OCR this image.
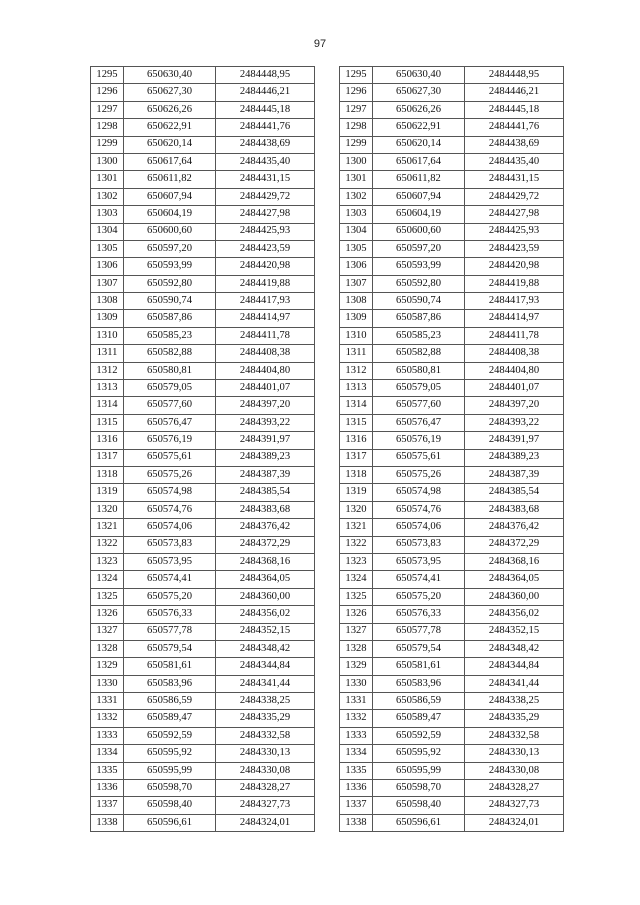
97
1295	650630,40	2484448,95
1296	650627,30	2484446,21
1297	650626,26	2484445,18
1298	650622,91	2484441,76
1299	650620,14	2484438,69
1300	650617,64	2484435,40
1301	650611,82	2484431,15
1302	650607,94	2484429,72
1303	650604,19	2484427,98
1304	650600,60	2484425,93
1305	650597,20	2484423,59
1306	650593,99	2484420,98
1307	650592,80	2484419,88
1308	650590,74	2484417,93
1309	650587,86	2484414,97
1310	650585,23	2484411,78
1311	650582,88	2484408,38
1312	650580,81	2484404,80
1313	650579,05	2484401,07
1314	650577,60	2484397,20
1315	650576,47	2484393,22
1316	650576,19	2484391,97
1317	650575,61	2484389,23
1318	650575,26	2484387,39
1319	650574,98	2484385,54
1320	650574,76	2484383,68
1321	650574,06	2484376,42
1322	650573,83	2484372,29
1323	650573,95	2484368,16
1324	650574,41	2484364,05
1325	650575,20	2484360,00
1326	650576,33	2484356,02
1327	650577,78	2484352,15
1328	650579,54	2484348,42
1329	650581,61	2484344,84
1330	650583,96	2484341,44
1331	650586,59	2484338,25
1332	650589,47	2484335,29
1333	650592,59	2484332,58
1334	650595,92	2484330,13
1335	650595,99	2484330,08
1336	650598,70	2484328,27
1337	650598,40	2484327,73
1338	650596,61	2484324,01
1295	650630,40	2484448,95
1296	650627,30	2484446,21
1297	650626,26	2484445,18
1298	650622,91	2484441,76
1299	650620,14	2484438,69
1300	650617,64	2484435,40
1301	650611,82	2484431,15
1302	650607,94	2484429,72
1303	650604,19	2484427,98
1304	650600,60	2484425,93
1305	650597,20	2484423,59
1306	650593,99	2484420,98
1307	650592,80	2484419,88
1308	650590,74	2484417,93
1309	650587,86	2484414,97
1310	650585,23	2484411,78
1311	650582,88	2484408,38
1312	650580,81	2484404,80
1313	650579,05	2484401,07
1314	650577,60	2484397,20
1315	650576,47	2484393,22
1316	650576,19	2484391,97
1317	650575,61	2484389,23
1318	650575,26	2484387,39
1319	650574,98	2484385,54
1320	650574,76	2484383,68
1321	650574,06	2484376,42
1322	650573,83	2484372,29
1323	650573,95	2484368,16
1324	650574,41	2484364,05
1325	650575,20	2484360,00
1326	650576,33	2484356,02
1327	650577,78	2484352,15
1328	650579,54	2484348,42
1329	650581,61	2484344,84
1330	650583,96	2484341,44
1331	650586,59	2484338,25
1332	650589,47	2484335,29
1333	650592,59	2484332,58
1334	650595,92	2484330,13
1335	650595,99	2484330,08
1336	650598,70	2484328,27
1337	650598,40	2484327,73
1338	650596,61	2484324,01
